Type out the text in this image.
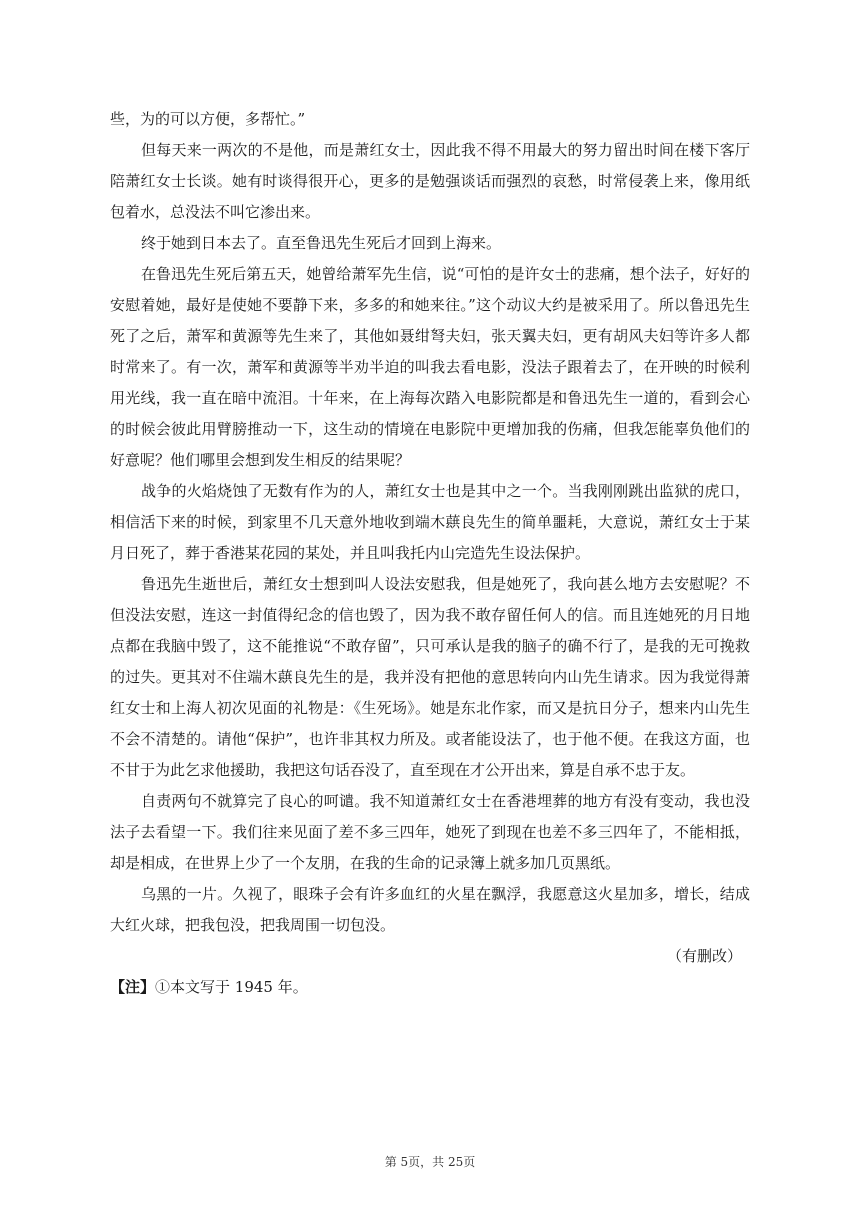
些，为的可以方便，多帮忙。”

但每天来一两次的不是他，而是萧红女士，因此我不得不用最大的努力留出时间在楼下客厅陪萧红女士长谈。她有时谈得很开心，更多的是勉强谈话而强烈的哀愁，时常侵袭上来，像用纸包着水，总没法不叫它渗出来。

终于她到日本去了。直至鲁迅先生死后才回到上海来。

在鲁迅先生死后第五天，她曾给萧军先生信，说“可怕的是许女士的悲痛，想个法子，好好的安慰着她，最好是使她不要静下来，多多的和她来往。”这个动议大约是被采用了。所以鲁迅先生死了之后，萧军和黄源等先生来了，其他如聂绀弩夫妇，张天翼夫妇，更有胡风夫妇等许多人都时常来了。有一次，萧军和黄源等半劝半迫的叫我去看电影，没法子跟着去了，在开映的时候利用光线，我一直在暗中流泪。十年来，在上海每次踏入电影院都是和鲁迅先生一道的，看到会心的时候会彼此用臂膀推动一下，这生动的情境在电影院中更增加我的伤痛，但我怎能辜负他们的好意呢？他们哪里会想到发生相反的结果呢？

战争的火焰烧蚀了无数有作为的人，萧红女士也是其中之一个。当我刚刚跳出监狱的虎口，相信活下来的时候，到家里不几天意外地收到端木蕻良先生的简单噩耗，大意说，萧红女士于某月日死了，葬于香港某花园的某处，并且叫我托内山完造先生设法保护。

鲁迅先生逝世后，萧红女士想到叫人设法安慰我，但是她死了，我向甚么地方去安慰呢？不但没法安慰，连这一封值得纪念的信也毁了，因为我不敢存留任何人的信。而且连她死的月日地点都在我脑中毁了，这不能推说“不敢存留”，只可承认是我的脑子的确不行了，是我的无可挽救的过失。更其对不住端木蕻良先生的是，我并没有把他的意思转向内山先生请求。因为我觉得萧红女士和上海人初次见面的礼物是：《生死场》。她是东北作家，而又是抗日分子，想来内山先生不会不清楚的。请他“保护”，也许非其权力所及。或者能设法了，也于他不便。在我这方面，也不甘于为此乞求他援助，我把这句话吞没了，直至现在才公开出来，算是自承不忠于友。

自责两句不就算完了良心的呵谴。我不知道萧红女士在香港埋葬的地方有没有变动，我也没法子去看望一下。我们往来见面了差不多三四年，她死了到现在也差不多三四年了，不能相抵，却是相成，在世界上少了一个友朋，在我的生命的记录簿上就多加几页黑纸。

乌黑的一片。久视了，眼珠子会有许多血红的火星在飘浮，我愿意这火星加多，增长，结成大红火球，把我包没，把我周围一切包没。

（有删改）

【注】①本文写于 1945 年。

第 5页，共 25页
